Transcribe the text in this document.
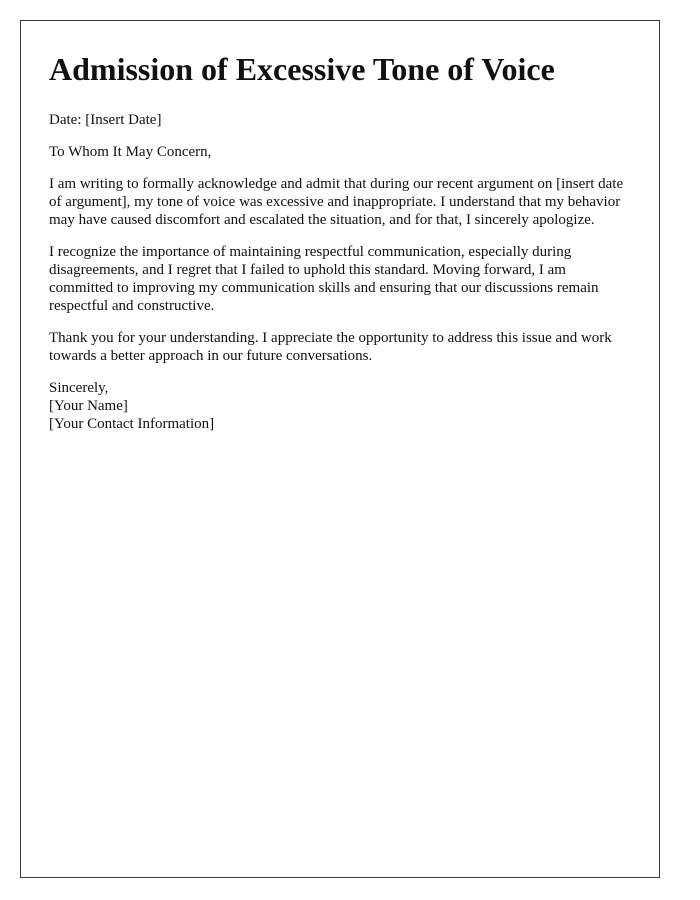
Admission of Excessive Tone of Voice

Date: [Insert Date]

To Whom It May Concern,

I am writing to formally acknowledge and admit that during our recent argument on [insert date of argument], my tone of voice was excessive and inappropriate. I understand that my behavior may have caused discomfort and escalated the situation, and for that, I sincerely apologize.

I recognize the importance of maintaining respectful communication, especially during disagreements, and I regret that I failed to uphold this standard. Moving forward, I am committed to improving my communication skills and ensuring that our discussions remain respectful and constructive.

Thank you for your understanding. I appreciate the opportunity to address this issue and work towards a better approach in our future conversations.

Sincerely,
[Your Name]
[Your Contact Information]
